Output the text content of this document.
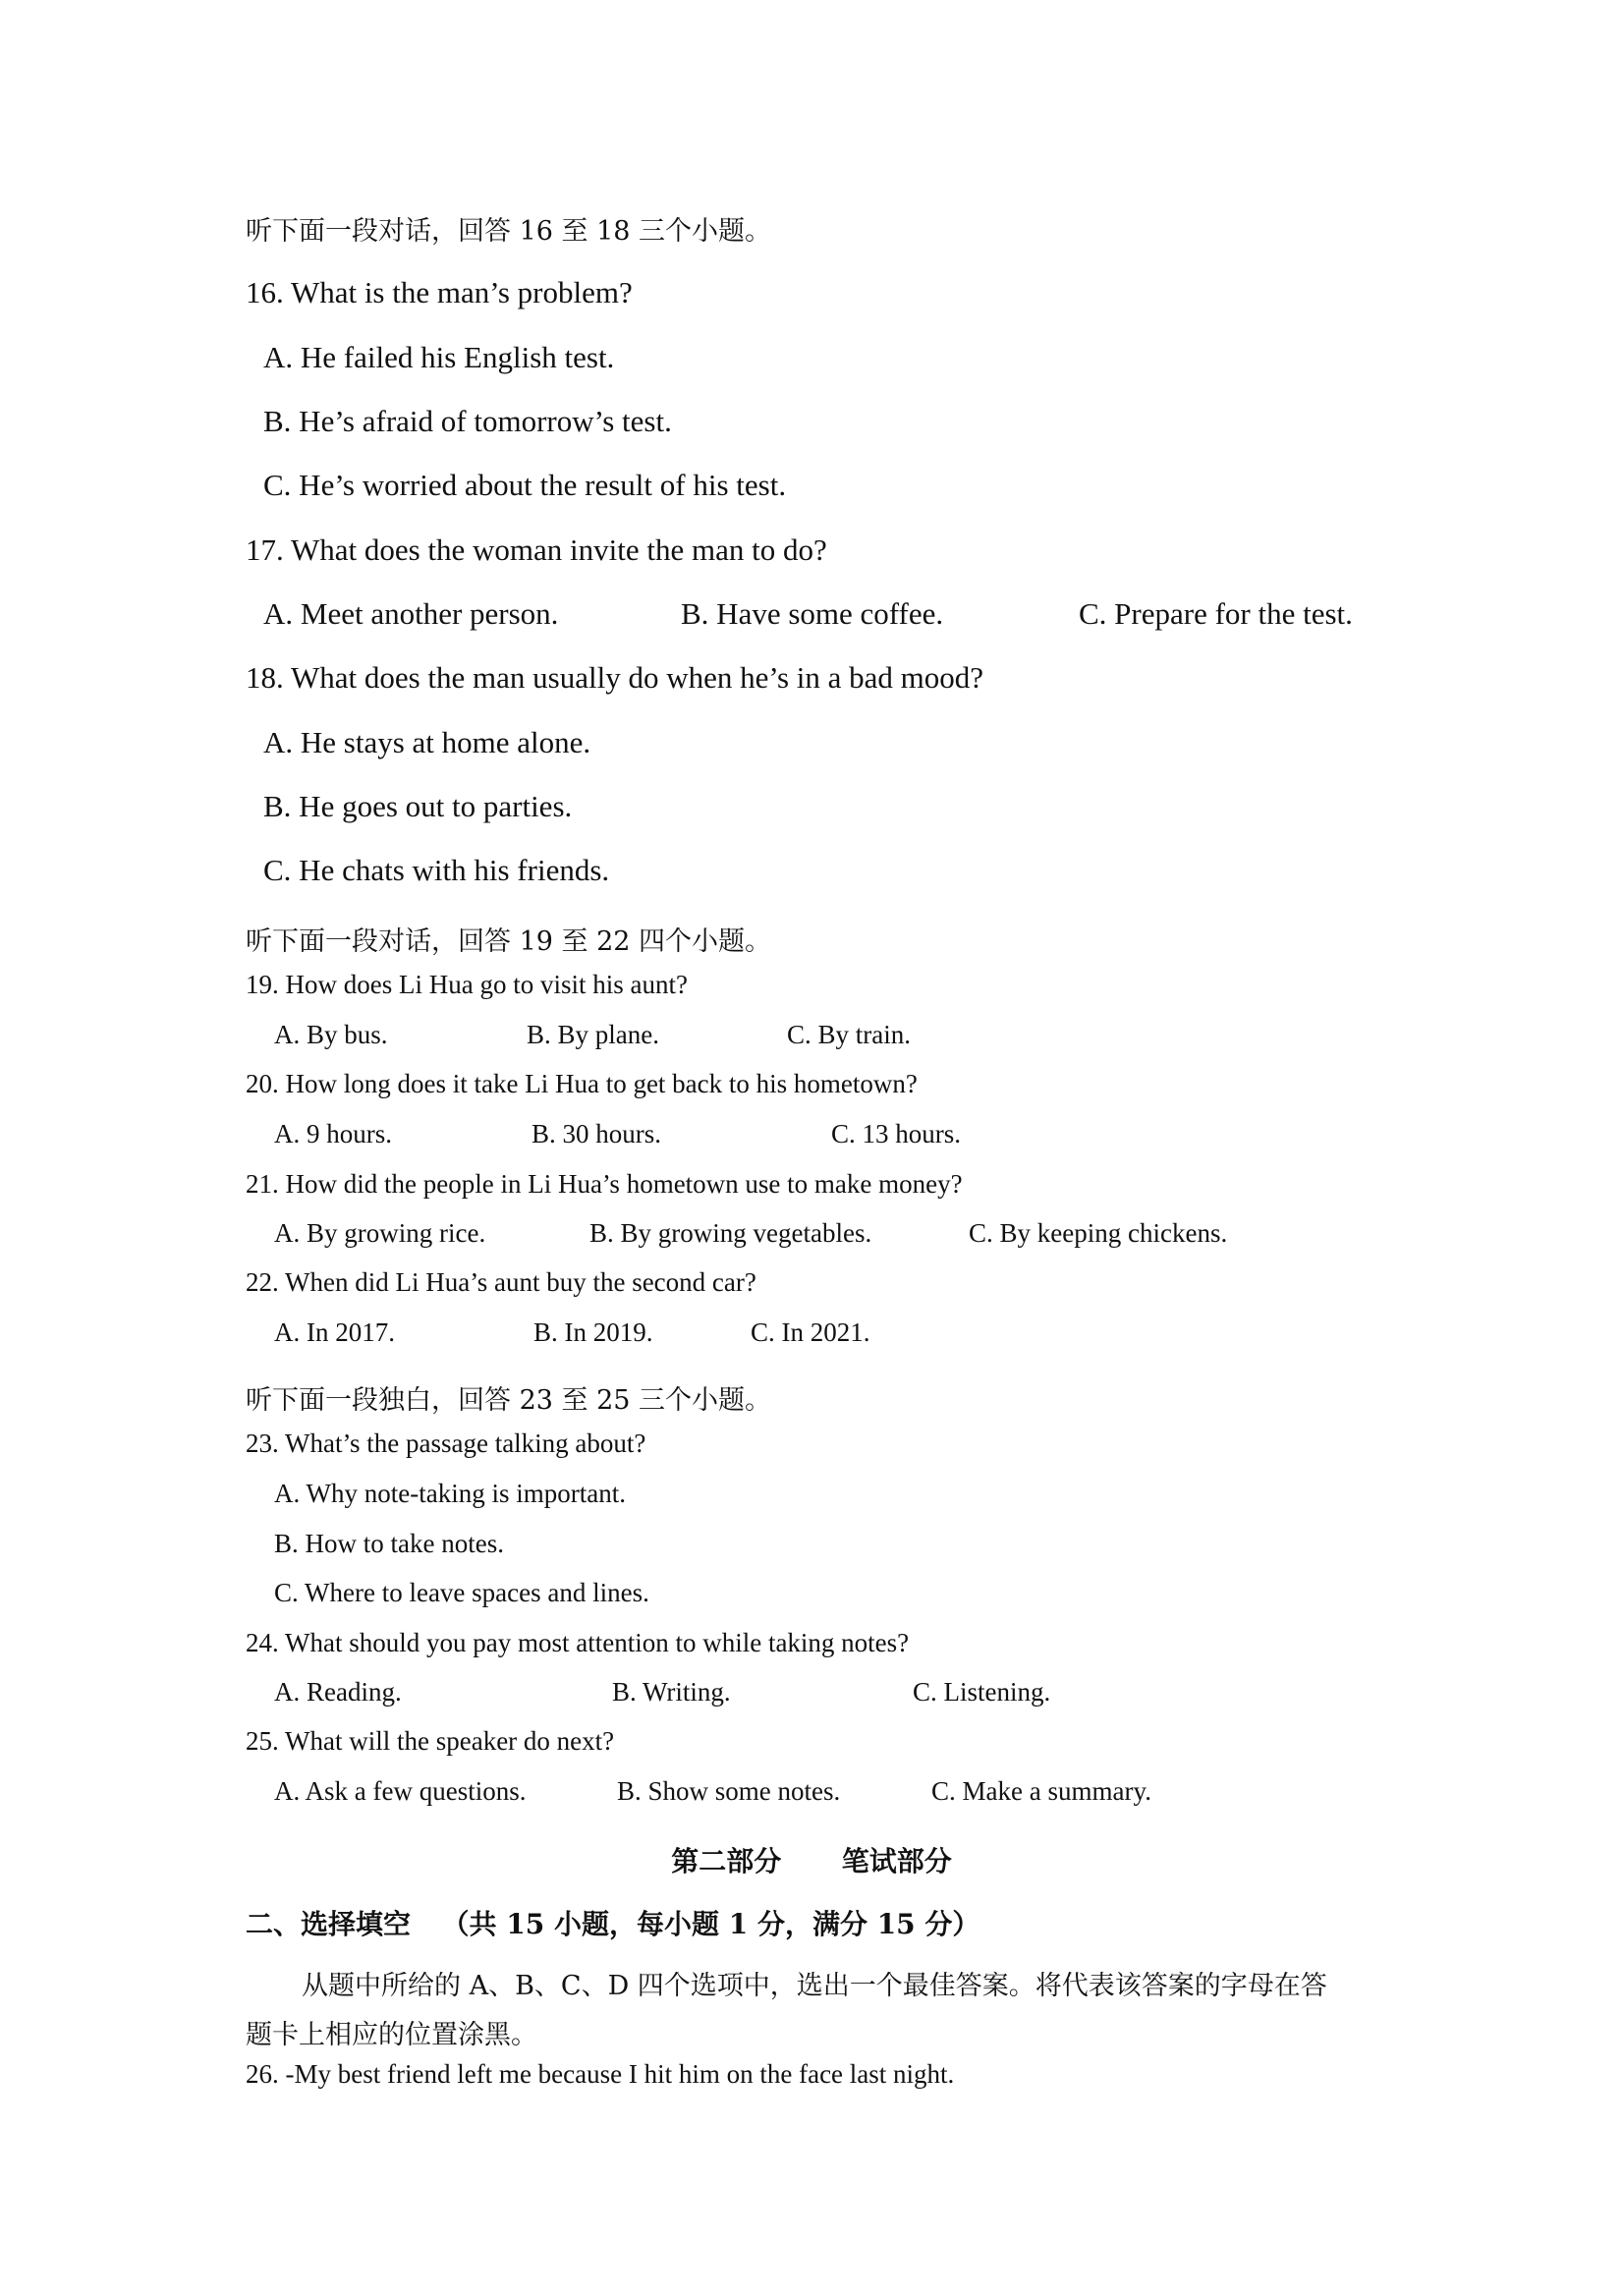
听下面一段对话，回答 16 至 18 三个小题。
16. What is the man’s problem?
A. He failed his English test.
B. He’s afraid of tomorrow’s test.
C. He’s worried about the result of his test.
17. What does the woman invite the man to do?
A. Meet another person.	B. Have some coffee.	C. Prepare for the test.
18. What does the man usually do when he’s in a bad mood?
A. He stays at home alone.
B. He goes out to parties.
C. He chats with his friends.
听下面一段对话，回答 19 至 22 四个小题。
19. How does Li Hua go to visit his aunt?
A. By bus.	B. By plane.	C. By train.
20. How long does it take Li Hua to get back to his hometown?
A. 9 hours.	B. 30 hours.	C. 13 hours.
21. How did the people in Li Hua’s hometown use to make money?
A. By growing rice.	B. By growing vegetables.	C. By keeping chickens.
22. When did Li Hua’s aunt buy the second car?
A. In 2017.	B. In 2019.	C. In 2021.
听下面一段独白，回答 23 至 25 三个小题。
23. What’s the passage talking about?
A. Why note-taking is important.
B. How to take notes.
C. Where to leave spaces and lines.
24. What should you pay most attention to while taking notes?
A. Reading.	B. Writing.	C. Listening.
25. What will the speaker do next?
A. Ask a few questions.	B. Show some notes.	C. Make a summary.
第二部分 笔试部分
二、选择填空 （共 15 小题，每小题 1 分，满分 15 分）
从题中所给的 A、B、C、D 四个选项中，选出一个最佳答案。将代表该答案的字母在答
题卡上相应的位置涂黑。
26. -My best friend left me because I hit him on the face last night.
